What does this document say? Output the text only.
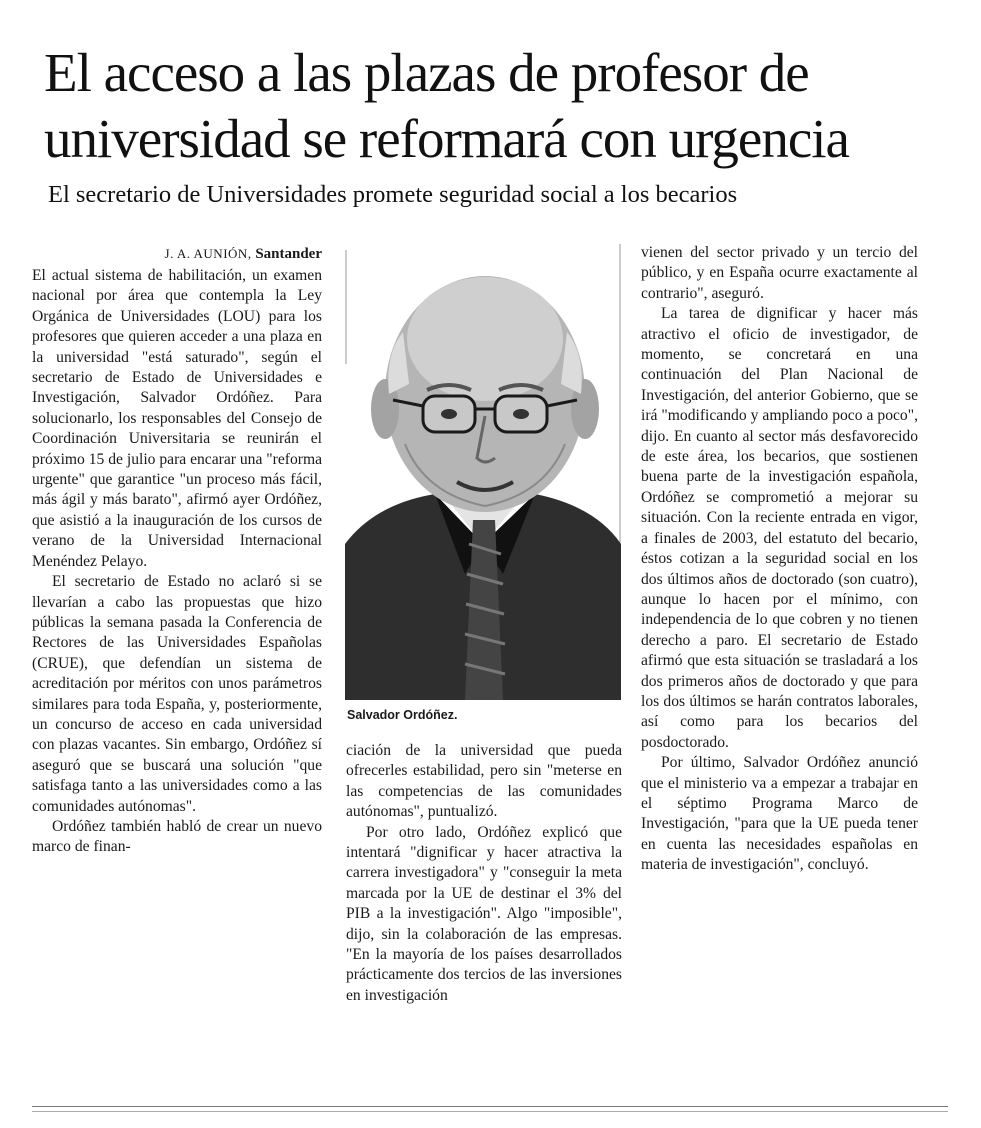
El acceso a las plazas de profesor de universidad se reformará con urgencia
El secretario de Universidades promete seguridad social a los becarios
J. A. AUNIÓN, Santander

El actual sistema de habilitación, un examen nacional por área que contempla la Ley Orgánica de Universidades (LOU) para los profesores que quieren acceder a una plaza en la universidad "está saturado", según el secretario de Estado de Universidades e Investigación, Salvador Ordóñez. Para solucionarlo, los responsables del Consejo de Coordinación Universitaria se reunirán el próximo 15 de julio para encarar una "reforma urgente" que garantice "un proceso más fácil, más ágil y más barato", afirmó ayer Ordóñez, que asistió a la inauguración de los cursos de verano de la Universidad Internacional Menéndez Pelayo.

El secretario de Estado no aclaró si se llevarían a cabo las propuestas que hizo públicas la semana pasada la Conferencia de Rectores de las Universidades Españolas (CRUE), que defendían un sistema de acreditación por méritos con unos parámetros similares para toda España, y, posteriormente, un concurso de acceso en cada universidad con plazas vacantes. Sin embargo, Ordóñez sí aseguró que se buscará una solución "que satisfaga tanto a las universidades como a las comunidades autónomas".

Ordóñez también habló de crear un nuevo marco de finan-

Salvador Ordóñez.

ciación de la universidad que pueda ofrecerles estabilidad, pero sin "meterse en las competencias de las comunidades autónomas", puntualizó.

Por otro lado, Ordóñez explicó que intentará "dignificar y hacer atractiva la carrera investigadora" y "conseguir la meta marcada por la UE de destinar el 3% del PIB a la investigación". Algo "imposible", dijo, sin la colaboración de las empresas. "En la mayoría de los países desarrollados prácticamente dos tercios de las inversiones en investigación

vienen del sector privado y un tercio del público, y en España ocurre exactamente al contrario", aseguró.

La tarea de dignificar y hacer más atractivo el oficio de investigador, de momento, se concretará en una continuación del Plan Nacional de Investigación, del anterior Gobierno, que se irá "modificando y ampliando poco a poco", dijo. En cuanto al sector más desfavorecido de este área, los becarios, que sostienen buena parte de la investigación española, Ordóñez se comprometió a mejorar su situación. Con la reciente entrada en vigor, a finales de 2003, del estatuto del becario, éstos cotizan a la seguridad social en los dos últimos años de doctorado (son cuatro), aunque lo hacen por el mínimo, con independencia de lo que cobren y no tienen derecho a paro. El secretario de Estado afirmó que esta situación se trasladará a los dos primeros años de doctorado y que para los dos últimos se harán contratos laborales, así como para los becarios del posdoctorado.

Por último, Salvador Ordóñez anunció que el ministerio va a empezar a trabajar en el séptimo Programa Marco de Investigación, "para que la UE pueda tener en cuenta las necesidades españolas en materia de investigación", concluyó.
